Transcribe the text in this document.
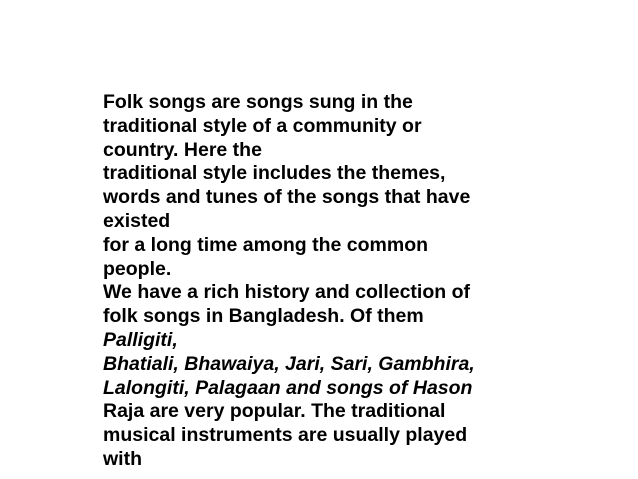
Folk songs are songs sung in the
traditional style of a community or
country. Here the
traditional style includes the themes,
words and tunes of the songs that have
existed
for a long time among the common
people.
We have a rich history and collection of
folk songs in Bangladesh. Of them
Palligiti,
Bhatiali, Bhawaiya, Jari, Sari, Gambhira,
Lalongiti, Palagaan and songs of Hason
Raja are very popular. The traditional
musical instruments are usually played
with
